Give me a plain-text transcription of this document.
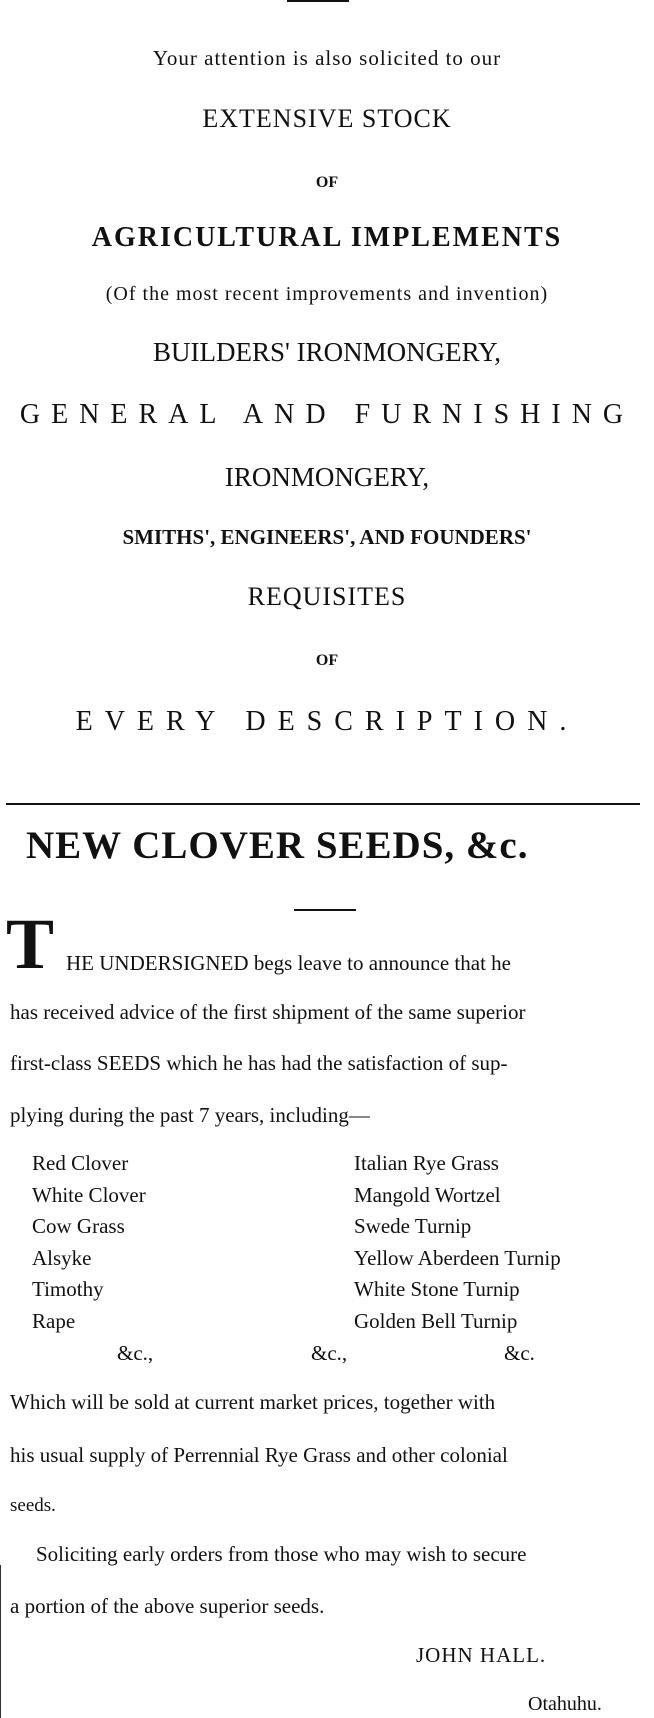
Your attention is also solicited to our
EXTENSIVE STOCK
OF
AGRICULTURAL IMPLEMENTS
(Of the most recent improvements and invention)
BUILDERS' IRONMONGERY,
GENERAL AND FURNISHING
IRONMONGERY,
SMITHS', ENGINEERS', AND FOUNDERS'
REQUISITES
OF
EVERY DESCRIPTION.
NEW CLOVER SEEDS, &c.
T HE UNDERSIGNED begs leave to announce that he
has received advice of the first shipment of the same superior
first-class SEEDS which he has had the satisfaction of sup-
plying during the past 7 years, including—
Red Clover
White Clover
Cow Grass
Alsyke
Timothy
Rape
Italian Rye Grass
Mangold Wortzel
Swede Turnip
Yellow Aberdeen Turnip
White Stone Turnip
Golden Bell Turnip
&c.,	&c.,	&c.
Which will be sold at current market prices, together with
his usual supply of Perrennial Rye Grass and other colonial
seeds.
Soliciting early orders from those who may wish to secure
a portion of the above superior seeds.
JOHN HALL.
Otahuhu.
